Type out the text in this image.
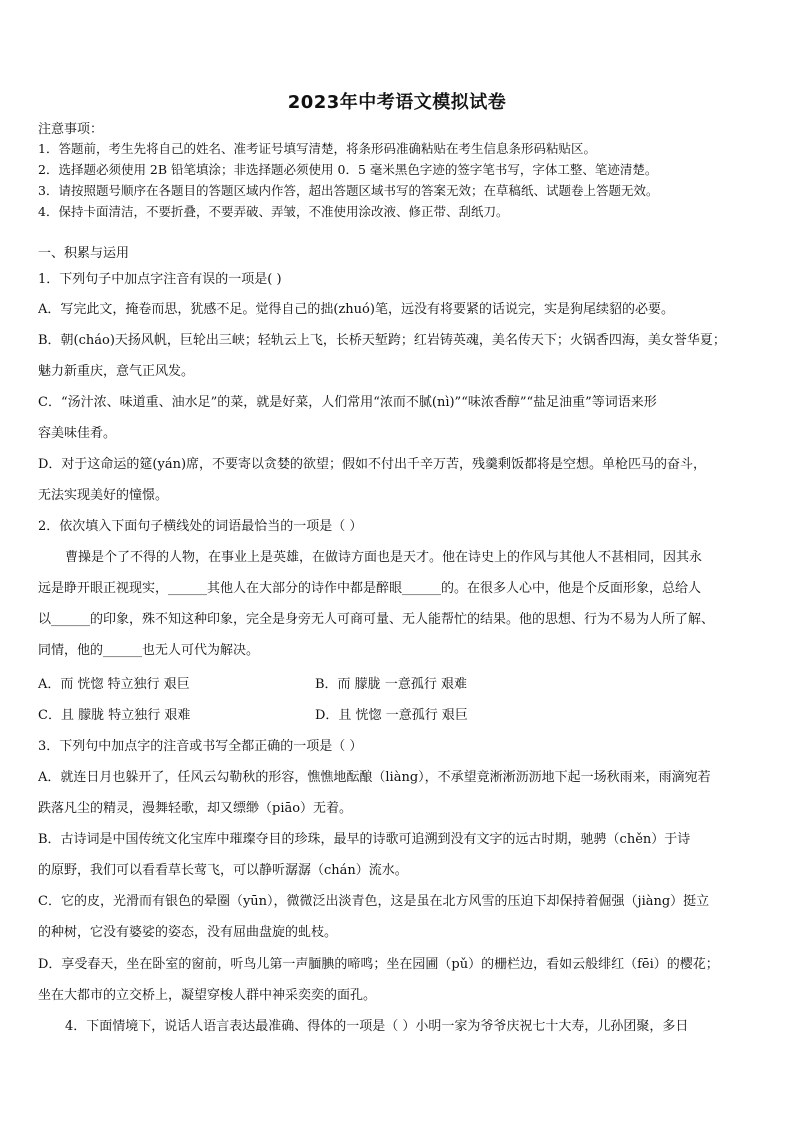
2023年中考语文模拟试卷
注意事项：
1．答题前，考生先将自己的姓名、准考证号填写清楚，将条形码准确粘贴在考生信息条形码粘贴区。
2．选择题必须使用 2B 铅笔填涂；非选择题必须使用 0．5 毫米黑色字迹的签字笔书写，字体工整、笔迹清楚。
3．请按照题号顺序在各题目的答题区域内作答，超出答题区域书写的答案无效；在草稿纸、试题卷上答题无效。
4．保持卡面清洁，不要折叠，不要弄破、弄皱，不准使用涂改液、修正带、刮纸刀。
一、积累与运用
1．下列句子中加点字注音有误的一项是( )
A．写完此文，掩卷而思，犹感不足。觉得自己的拙(zhuó)笔，远没有将要紧的话说完，实是狗尾续貂的必要。
B．朝(cháo)天扬风帆，巨轮出三峡；轻轨云上飞，长桥天堑跨；红岩铸英魂，美名传天下；火锅香四海，美女誉华夏；
魅力新重庆，意气正风发。
C．“汤汁浓、味道重、油水足”的菜，就是好菜，人们常用“浓而不腻(nì)”“味浓香醇”“盐足油重”等词语来形
容美味佳肴。
D．对于这命运的筵(yán)席，不要寄以贪婪的欲望；假如不付出千辛万苦，残羹剩饭都将是空想。单枪匹马的奋斗，
无法实现美好的憧憬。
2．依次填入下面句子横线处的词语最恰当的一项是（ ）
曹操是个了不得的人物，在事业上是英雄，在做诗方面也是天才。他在诗史上的作风与其他人不甚相同，因其永
远是睁开眼正视现实，______其他人在大部分的诗作中都是醉眼______的。在很多人心中，他是个反面形象，总给人
以______的印象，殊不知这种印象，完全是身旁无人可商可量、无人能帮忙的结果。他的思想、行为不易为人所了解、
同情，他的______也无人可代为解决。
A．而 恍惚 特立独行 艰巨	B．而 朦胧 一意孤行 艰难
C．且 朦胧 特立独行 艰难	D．且 恍惚 一意孤行 艰巨
3．下列句中加点字的注音或书写全都正确的一项是（ ）
A．就连日月也躲开了，任风云勾勒秋的形容，憔憔地酝酿（liàng），不承望竟淅淅沥沥地下起一场秋雨来，雨滴宛若
跌落凡尘的精灵，漫舞轻歌，却又缥缈（piāo）无着。
B．古诗词是中国传统文化宝库中璀璨夺目的珍珠，最早的诗歌可追溯到没有文字的远古时期，驰骋（chěn）于诗
的原野，我们可以看看草长莺飞，可以静听潺潺（chán）流水。
C．它的皮，光滑而有银色的晕圈（yūn），微微泛出淡青色，这是虽在北方风雪的压迫下却保持着倔强（jiàng）挺立
的种树，它没有婆娑的姿态，没有屈曲盘旋的虬枝。
D．享受春天，坐在卧室的窗前，听鸟儿第一声腼腆的啼鸣；坐在园圃（pǔ）的栅栏边，看如云般绯红（fēi）的樱花；
坐在大都市的立交桥上，凝望穿梭人群中神采奕奕的面孔。
4．下面情境下，说话人语言表达最准确、得体的一项是（ ）小明一家为爷爷庆祝七十大寿，儿孙团聚，多日
